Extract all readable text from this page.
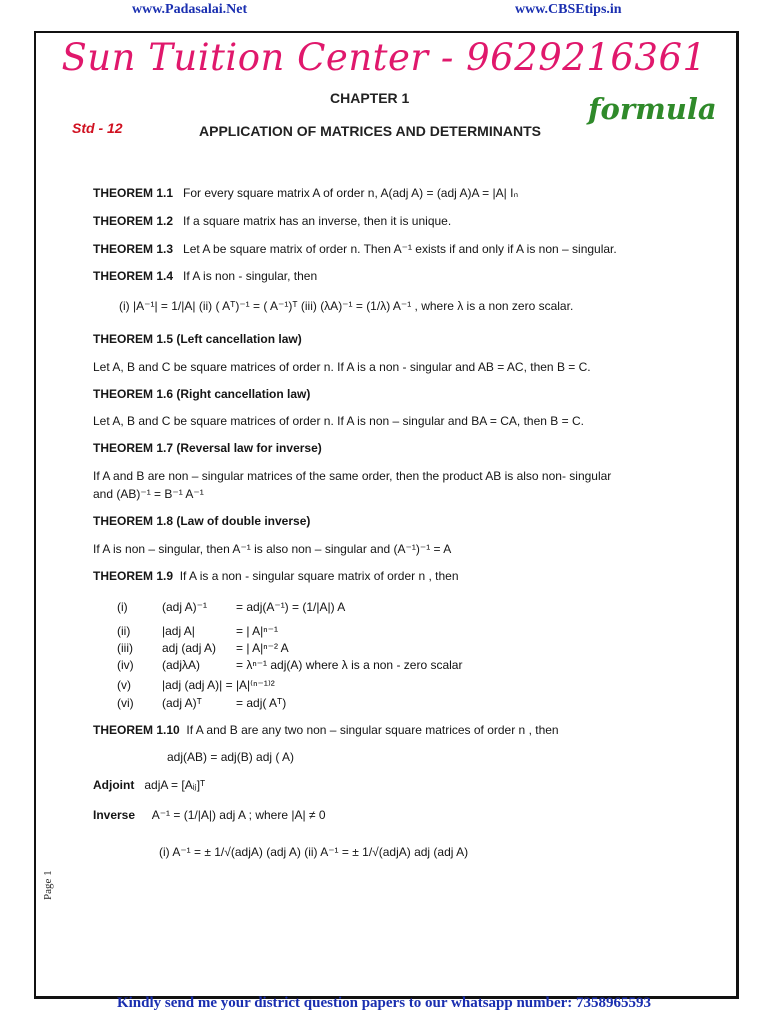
www.Padasalai.Net	www.CBSEtips.in
Sun Tuition Center - 9629216361
CHAPTER 1	formula
Std - 12	APPLICATION OF MATRICES AND DETERMINANTS
THEOREM 1.1 For every square matrix A of order n, A(adj A) = (adj A)A = |A| Iₙ
THEOREM 1.2 If a square matrix has an inverse, then it is unique.
THEOREM 1.3 Let A be square matrix of order n. Then A⁻¹ exists if and only if A is non – singular.
THEOREM 1.4 If A is non - singular, then
(i) |A⁻¹| = 1/|A| (ii) ( Aᵀ)⁻¹ = ( A⁻¹)ᵀ (iii) (λA)⁻¹ = (1/λ) A⁻¹ , where λ is a non zero scalar.
THEOREM 1.5 (Left cancellation law)
Let A, B and C be square matrices of order n. If A is a non - singular and AB = AC, then B = C.
THEOREM 1.6 (Right cancellation law)
Let A, B and C be square matrices of order n. If A is non – singular and BA = CA, then B = C.
THEOREM 1.7 (Reversal law for inverse)
If A and B are non – singular matrices of the same order, then the product AB is also non- singular
and (AB)⁻¹ = B⁻¹ A⁻¹
THEOREM 1.8 (Law of double inverse)
If A is non – singular, then A⁻¹ is also non – singular and (A⁻¹)⁻¹ = A
THEOREM 1.9 If A is a non - singular square matrix of order n , then
(i)	(adj A)⁻¹ = adj(A⁻¹) = (1/|A|) A
(ii)	|adj A|	= | A|ⁿ⁻¹
(iii) adj (adj A) = | A|ⁿ⁻² A
(iv) (adjλA)	= λⁿ⁻¹ adj(A) where λ is a non - zero scalar
(v)	|adj (adj A)| = |A|⁽ⁿ⁻¹⁾²
(vi) (adj A)ᵀ	= adj( Aᵀ)
THEOREM 1.10 If A and B are any two non – singular square matrices of order n , then
adj(AB) = adj(B) adj ( A)
Adjoint adjA = [Aᵢⱼ]ᵀ
Inverse A⁻¹ = (1/|A|) adj A ; where |A| ≠ 0
(i) A⁻¹ = ± 1/√(adjA) (adj A) (ii) A⁻¹ = ± 1/√(adjA) adj (adj A)
Page 1
Kindly send me your district question papers to our whatsapp number: 7358965593
